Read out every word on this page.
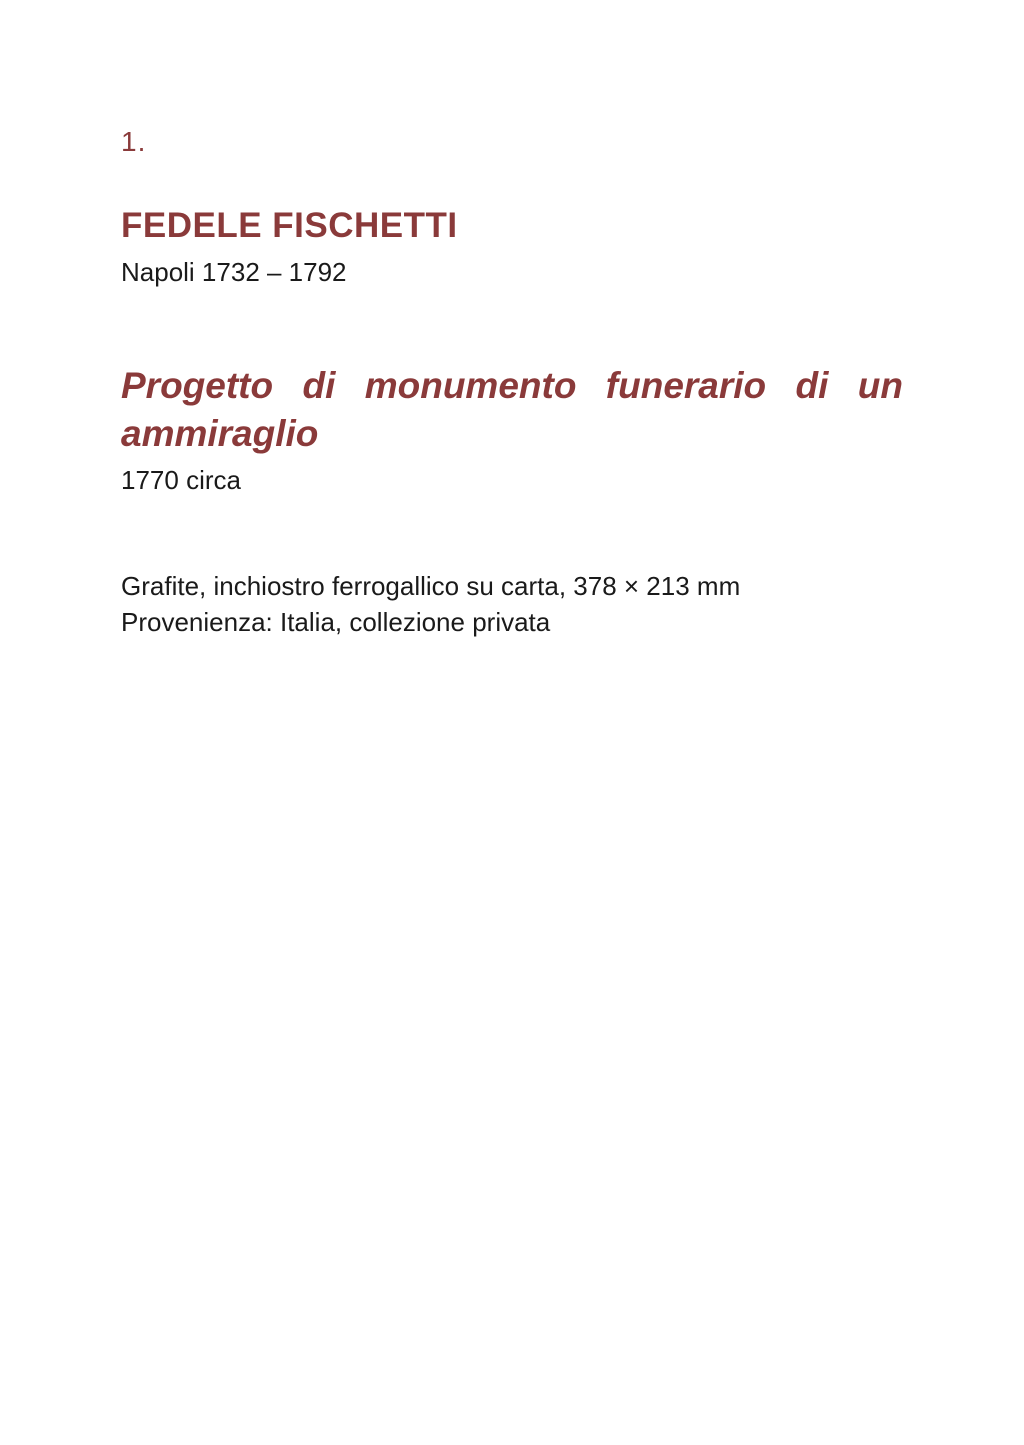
1.
FEDELE FISCHETTI
Napoli 1732 – 1792
Progetto di monumento funerario di un ammiraglio
1770 circa
Grafite, inchiostro ferrogallico su carta, 378 × 213 mm
Provenienza: Italia, collezione privata
